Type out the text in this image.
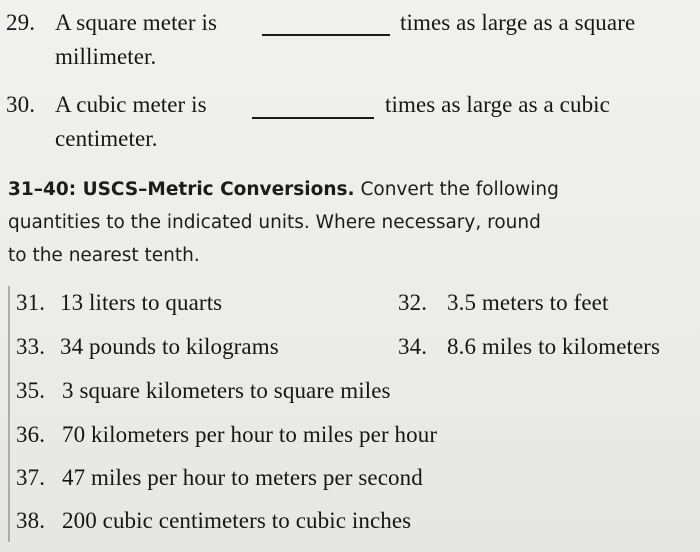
29. A square meter is	times as large as a square
millimeter.
30. A cubic meter is	times as large as a cubic
centimeter.
31–40: USCS–Metric Conversions. Convert the following
quantities to the indicated units. Where necessary, round
to the nearest tenth.
31. 13 liters to quarts	32. 3.5 meters to feet
33. 34 pounds to kilograms	34. 8.6 miles to kilometers
35. 3 square kilometers to square miles
36. 70 kilometers per hour to miles per hour
37. 47 miles per hour to meters per second
38. 200 cubic centimeters to cubic inches
